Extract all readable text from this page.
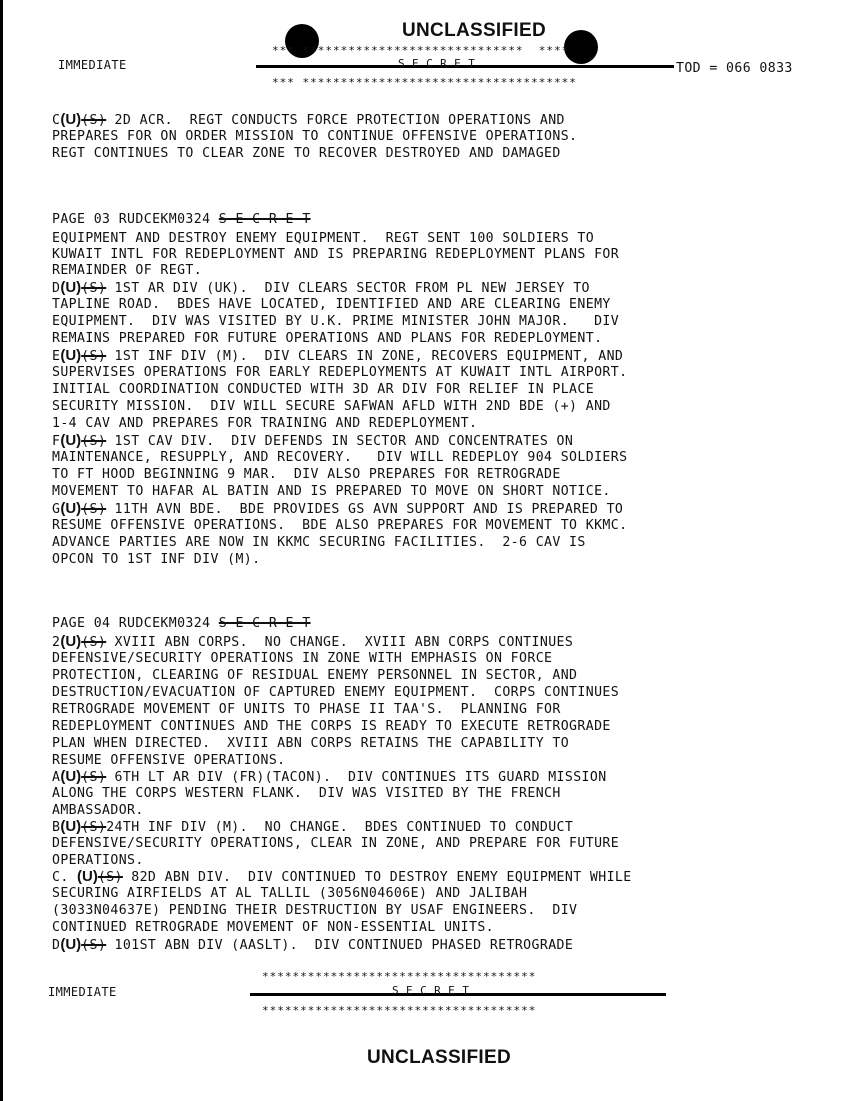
UNCLASSIFIED
*** *****************************  ****
IMMEDIATE	S E C R E T	TOD = 066 0833
*** ************************************
C(U)(S) 2D ACR.  REGT CONDUCTS FORCE PROTECTION OPERATIONS AND
PREPARES FOR ON ORDER MISSION TO CONTINUE OFFENSIVE OPERATIONS.
REGT CONTINUES TO CLEAR ZONE TO RECOVER DESTROYED AND DAMAGED
PAGE 03 RUDCEKM0324 S E C R E T
EQUIPMENT AND DESTROY ENEMY EQUIPMENT.  REGT SENT 100 SOLDIERS TO
KUWAIT INTL FOR REDEPLOYMENT AND IS PREPARING REDEPLOYMENT PLANS FOR
REMAINDER OF REGT.
D(U)(S) 1ST AR DIV (UK).  DIV CLEARS SECTOR FROM PL NEW JERSEY TO
TAPLINE ROAD.  BDES HAVE LOCATED, IDENTIFIED AND ARE CLEARING ENEMY
EQUIPMENT.  DIV WAS VISITED BY U.K. PRIME MINISTER JOHN MAJOR.   DIV
REMAINS PREPARED FOR FUTURE OPERATIONS AND PLANS FOR REDEPLOYMENT.
E(U)(S) 1ST INF DIV (M).  DIV CLEARS IN ZONE, RECOVERS EQUIPMENT, AND
SUPERVISES OPERATIONS FOR EARLY REDEPLOYMENTS AT KUWAIT INTL AIRPORT.
INITIAL COORDINATION CONDUCTED WITH 3D AR DIV FOR RELIEF IN PLACE
SECURITY MISSION.  DIV WILL SECURE SAFWAN AFLD WITH 2ND BDE (+) AND
1-4 CAV AND PREPARES FOR TRAINING AND REDEPLOYMENT.
F(U)(S) 1ST CAV DIV.  DIV DEFENDS IN SECTOR AND CONCENTRATES ON
MAINTENANCE, RESUPPLY, AND RECOVERY.   DIV WILL REDEPLOY 904 SOLDIERS
TO FT HOOD BEGINNING 9 MAR.  DIV ALSO PREPARES FOR RETROGRADE
MOVEMENT TO HAFAR AL BATIN AND IS PREPARED TO MOVE ON SHORT NOTICE.
G(U)(S) 11TH AVN BDE.  BDE PROVIDES GS AVN SUPPORT AND IS PREPARED TO
RESUME OFFENSIVE OPERATIONS.  BDE ALSO PREPARES FOR MOVEMENT TO KKMC.
ADVANCE PARTIES ARE NOW IN KKMC SECURING FACILITIES.  2-6 CAV IS
OPCON TO 1ST INF DIV (M).
PAGE 04 RUDCEKM0324 S E C R E T
2(U)(S) XVIII ABN CORPS.  NO CHANGE.  XVIII ABN CORPS CONTINUES
DEFENSIVE/SECURITY OPERATIONS IN ZONE WITH EMPHASIS ON FORCE
PROTECTION, CLEARING OF RESIDUAL ENEMY PERSONNEL IN SECTOR, AND
DESTRUCTION/EVACUATION OF CAPTURED ENEMY EQUIPMENT.  CORPS CONTINUES
RETROGRADE MOVEMENT OF UNITS TO PHASE II TAA'S.  PLANNING FOR
REDEPLOYMENT CONTINUES AND THE CORPS IS READY TO EXECUTE RETROGRADE
PLAN WHEN DIRECTED.  XVIII ABN CORPS RETAINS THE CAPABILITY TO
RESUME OFFENSIVE OPERATIONS.
A(U)(S) 6TH LT AR DIV (FR)(TACON).  DIV CONTINUES ITS GUARD MISSION
ALONG THE CORPS WESTERN FLANK.  DIV WAS VISITED BY THE FRENCH
AMBASSADOR.
B(U)(S)24TH INF DIV (M).  NO CHANGE.  BDES CONTINUED TO CONDUCT
DEFENSIVE/SECURITY OPERATIONS, CLEAR IN ZONE, AND PREPARE FOR FUTURE
OPERATIONS.
C. (U)(S) 82D ABN DIV.  DIV CONTINUED TO DESTROY ENEMY EQUIPMENT WHILE
SECURING AIRFIELDS AT AL TALLIL (3056N04606E) AND JALIBAH
(3033N04637E) PENDING THEIR DESTRUCTION BY USAF ENGINEERS.  DIV
CONTINUED RETROGRADE MOVEMENT OF NON-ESSENTIAL UNITS.
D(U)(S) 101ST ABN DIV (AASLT).  DIV CONTINUED PHASED RETROGRADE
************************************
IMMEDIATE	S E C R E T
************************************
UNCLASSIFIED
